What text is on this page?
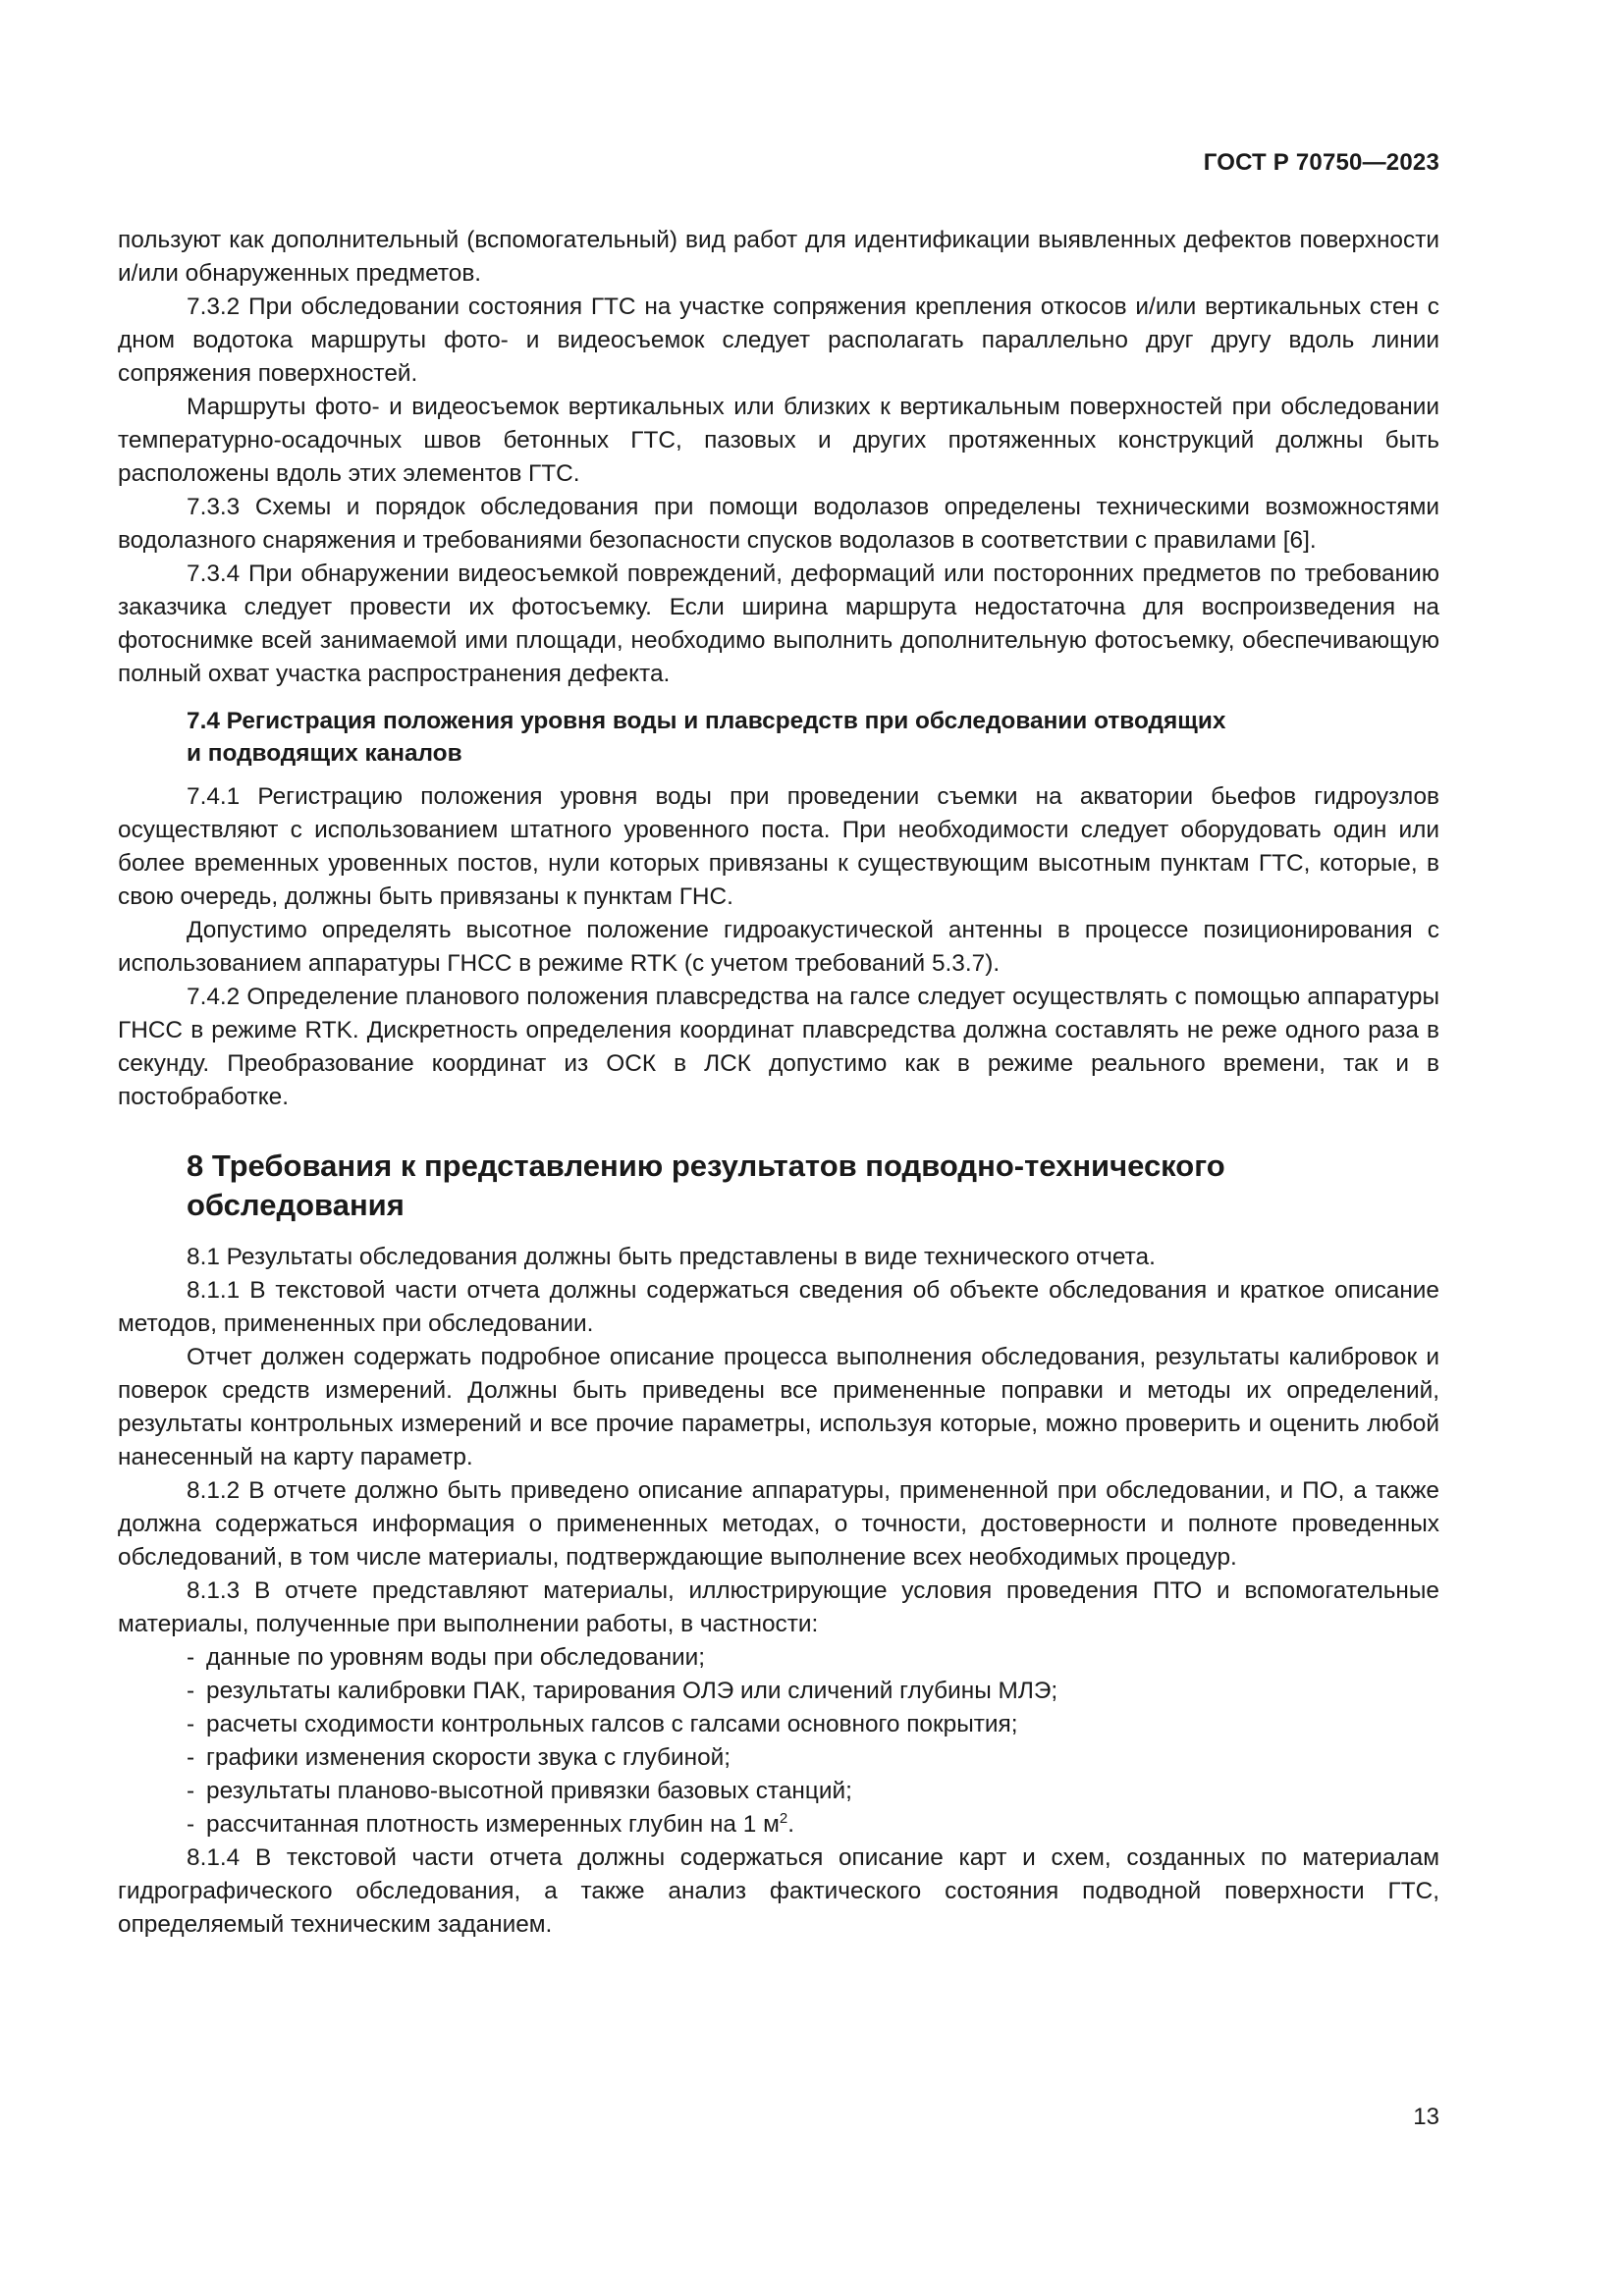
ГОСТ Р 70750—2023

пользуют как дополнительный (вспомогательный) вид работ для идентификации выявленных дефектов поверхности и/или обнаруженных предметов.

7.3.2 При обследовании состояния ГТС на участке сопряжения крепления откосов и/или вертикальных стен с дном водотока маршруты фото- и видеосъемок следует располагать параллельно друг другу вдоль линии сопряжения поверхностей.

Маршруты фото- и видеосъемок вертикальных или близких к вертикальным поверхностей при обследовании температурно-осадочных швов бетонных ГТС, пазовых и других протяженных конструкций должны быть расположены вдоль этих элементов ГТС.

7.3.3 Схемы и порядок обследования при помощи водолазов определены техническими возможностями водолазного снаряжения и требованиями безопасности спусков водолазов в соответствии с правилами [6].

7.3.4 При обнаружении видеосъемкой повреждений, деформаций или посторонних предметов по требованию заказчика следует провести их фотосъемку. Если ширина маршрута недостаточна для воспроизведения на фотоснимке всей занимаемой ими площади, необходимо выполнить дополнительную фотосъемку, обеспечивающую полный охват участка распространения дефекта.

7.4 Регистрация положения уровня воды и плавсредств при обследовании отводящих
и подводящих каналов

7.4.1 Регистрацию положения уровня воды при проведении съемки на акватории бьефов гидроузлов осуществляют с использованием штатного уровенного поста. При необходимости следует оборудовать один или более временных уровенных постов, нули которых привязаны к существующим высотным пунктам ГТС, которые, в свою очередь, должны быть привязаны к пунктам ГНС.

Допустимо определять высотное положение гидроакустической антенны в процессе позиционирования с использованием аппаратуры ГНСС в режиме RTK (с учетом требований 5.3.7).

7.4.2 Определение планового положения плавсредства на галсе следует осуществлять с помощью аппаратуры ГНСС в режиме RTK. Дискретность определения координат плавсредства должна составлять не реже одного раза в секунду. Преобразование координат из ОСК в ЛСК допустимо как в режиме реального времени, так и в постобработке.

8 Требования к представлению результатов подводно-технического
обследования

8.1 Результаты обследования должны быть представлены в виде технического отчета.

8.1.1 В текстовой части отчета должны содержаться сведения об объекте обследования и краткое описание методов, примененных при обследовании.

Отчет должен содержать подробное описание процесса выполнения обследования, результаты калибровок и поверок средств измерений. Должны быть приведены все примененные поправки и методы их определений, результаты контрольных измерений и все прочие параметры, используя которые, можно проверить и оценить любой нанесенный на карту параметр.

8.1.2 В отчете должно быть приведено описание аппаратуры, примененной при обследовании, и ПО, а также должна содержаться информация о примененных методах, о точности, достоверности и полноте проведенных обследований, в том числе материалы, подтверждающие выполнение всех необходимых процедур.

8.1.3 В отчете представляют материалы, иллюстрирующие условия проведения ПТО и вспомогательные материалы, полученные при выполнении работы, в частности:

- данные по уровням воды при обследовании;
- результаты калибровки ПАК, тарирования ОЛЭ или сличений глубины МЛЭ;
- расчеты сходимости контрольных галсов с галсами основного покрытия;
- графики изменения скорости звука с глубиной;
- результаты планово-высотной привязки базовых станций;
- рассчитанная плотность измеренных глубин на 1 $м^2$.

8.1.4 В текстовой части отчета должны содержаться описание карт и схем, созданных по материалам гидрографического обследования, а также анализ фактического состояния подводной поверхности ГТС, определяемый техническим заданием.

13
